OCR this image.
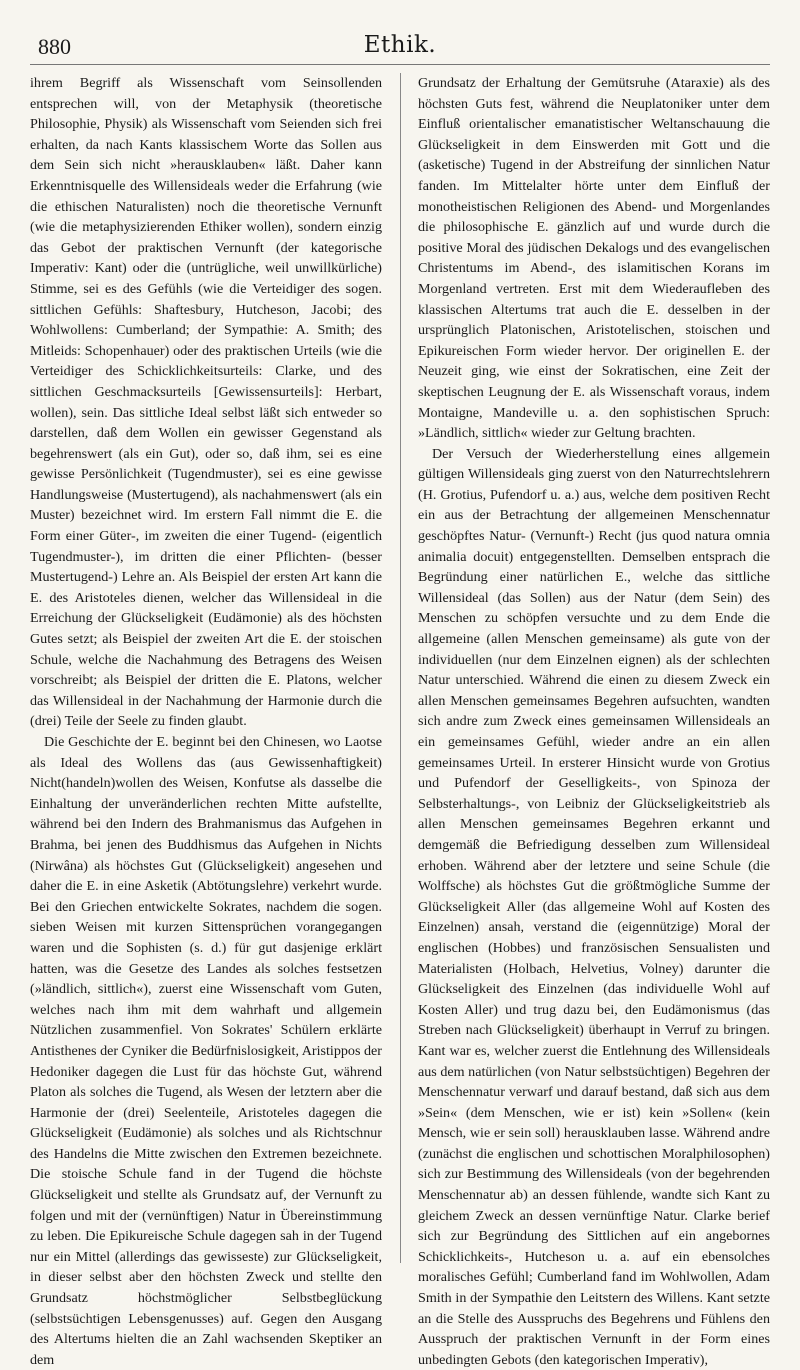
880	Ethik.

ihrem Begriff als Wissenschaft vom Seinsollenden entsprechen will, von der Metaphysik (theoretische Philosophie, Physik) als Wissenschaft vom Seienden sich frei erhalten, da nach Kants klassischem Worte das Sollen aus dem Sein sich nicht »herausklauben« läßt. Daher kann Erkenntnisquelle des Willensideals weder die Erfahrung (wie die ethischen Naturalisten) noch die theoretische Vernunft (wie die metaphysizierenden Ethiker wollen), sondern einzig das Gebot der praktischen Vernunft (der kategorische Imperativ: Kant) oder die (untrügliche, weil unwillkürliche) Stimme, sei es des Gefühls (wie die Verteidiger des sogen. sittlichen Gefühls: Shaftesbury, Hutcheson, Jacobi; des Wohlwollens: Cumberland; der Sympathie: A. Smith; des Mitleids: Schopenhauer) oder des praktischen Urteils (wie die Verteidiger des Schicklichkeitsurteils: Clarke, und des sittlichen Geschmacksurteils [Gewissensurteils]: Herbart, wollen), sein. Das sittliche Ideal selbst läßt sich entweder so darstellen, daß dem Wollen ein gewisser Gegenstand als begehrenswert (als ein Gut), oder so, daß ihm, sei es eine gewisse Persönlichkeit (Tugendmuster), sei es eine gewisse Handlungsweise (Mustertugend), als nachahmenswert (als ein Muster) bezeichnet wird. Im erstern Fall nimmt die E. die Form einer Güter-, im zweiten die einer Tugend- (eigentlich Tugendmuster-), im dritten die einer Pflichten- (besser Mustertugend-) Lehre an. Als Beispiel der ersten Art kann die E. des Aristoteles dienen, welcher das Willensideal in die Erreichung der Glückseligkeit (Eudämonie) als des höchsten Gutes setzt; als Beispiel der zweiten Art die E. der stoischen Schule, welche die Nachahmung des Betragens des Weisen vorschreibt; als Beispiel der dritten die E. Platons, welcher das Willensideal in der Nachahmung der Harmonie durch die (drei) Teile der Seele zu finden glaubt.

Die Geschichte der E. beginnt bei den Chinesen, wo Laotse als Ideal des Wollens das (aus Gewissenhaftigkeit) Nicht(handeln)wollen des Weisen, Konfutse als dasselbe die Einhaltung der unveränderlichen rechten Mitte aufstellte, während bei den Indern des Brahmanismus das Aufgehen in Brahma, bei jenen des Buddhismus das Aufgehen in Nichts (Nirwâna) als höchstes Gut (Glückseligkeit) angesehen und daher die E. in eine Asketik (Abtötungslehre) verkehrt wurde. Bei den Griechen entwickelte Sokrates, nachdem die sogen. sieben Weisen mit kurzen Sittensprüchen vorangegangen waren und die Sophisten (s. d.) für gut dasjenige erklärt hatten, was die Gesetze des Landes als solches festsetzen (»ländlich, sittlich«), zuerst eine Wissenschaft vom Guten, welches nach ihm mit dem wahrhaft und allgemein Nützlichen zusammenfiel. Von Sokrates' Schülern erklärte Antisthenes der Cyniker die Bedürfnislosigkeit, Aristippos der Hedoniker dagegen die Lust für das höchste Gut, während Platon als solches die Tugend, als Wesen der letztern aber die Harmonie der (drei) Seelenteile, Aristoteles dagegen die Glückseligkeit (Eudämonie) als solches und als Richtschnur des Handelns die Mitte zwischen den Extremen bezeichnete. Die stoische Schule fand in der Tugend die höchste Glückseligkeit und stellte als Grundsatz auf, der Vernunft zu folgen und mit der (vernünftigen) Natur in Übereinstimmung zu leben. Die Epikureische Schule dagegen sah in der Tugend nur ein Mittel (allerdings das gewisseste) zur Glückseligkeit, in dieser selbst aber den höchsten Zweck und stellte den Grundsatz höchstmöglicher Selbstbeglückung (selbstsüchtigen Lebensgenusses) auf. Gegen den Ausgang des Altertums hielten die an Zahl wachsenden Skeptiker an dem

Grundsatz der Erhaltung der Gemütsruhe (Ataraxie) als des höchsten Guts fest, während die Neuplatoniker unter dem Einfluß orientalischer emanatistischer Weltanschauung die Glückseligkeit in dem Einswerden mit Gott und die (asketische) Tugend in der Abstreifung der sinnlichen Natur fanden. Im Mittelalter hörte unter dem Einfluß der monotheistischen Religionen des Abend- und Morgenlandes die philosophische E. gänzlich auf und wurde durch die positive Moral des jüdischen Dekalogs und des evangelischen Christentums im Abend-, des islamitischen Korans im Morgenland vertreten. Erst mit dem Wiederaufleben des klassischen Altertums trat auch die E. desselben in der ursprünglich Platonischen, Aristotelischen, stoischen und Epikureischen Form wieder hervor. Der originellen E. der Neuzeit ging, wie einst der Sokratischen, eine Zeit der skeptischen Leugnung der E. als Wissenschaft voraus, indem Montaigne, Mandeville u. a. den sophistischen Spruch: »Ländlich, sittlich« wieder zur Geltung brachten.

Der Versuch der Wiederherstellung eines allgemein gültigen Willensideals ging zuerst von den Naturrechtslehrern (H. Grotius, Pufendorf u. a.) aus, welche dem positiven Recht ein aus der Betrachtung der allgemeinen Menschennatur geschöpftes Natur- (Vernunft-) Recht (jus quod natura omnia animalia docuit) entgegenstellten. Demselben entsprach die Begründung einer natürlichen E., welche das sittliche Willensideal (das Sollen) aus der Natur (dem Sein) des Menschen zu schöpfen versuchte und zu dem Ende die allgemeine (allen Menschen gemeinsame) als gute von der individuellen (nur dem Einzelnen eignen) als der schlechten Natur unterschied. Während die einen zu diesem Zweck ein allen Menschen gemeinsames Begehren aufsuchten, wandten sich andre zum Zweck eines gemeinsamen Willensideals an ein gemeinsames Gefühl, wieder andre an ein allen gemeinsames Urteil. In ersterer Hinsicht wurde von Grotius und Pufendorf der Geselligkeits-, von Spinoza der Selbsterhaltungs-, von Leibniz der Glückseligkeitstrieb als allen Menschen gemeinsames Begehren erkannt und demgemäß die Befriedigung desselben zum Willensideal erhoben. Während aber der letztere und seine Schule (die Wolffsche) als höchstes Gut die größtmögliche Summe der Glückseligkeit Aller (das allgemeine Wohl auf Kosten des Einzelnen) ansah, verstand die (eigennützige) Moral der englischen (Hobbes) und französischen Sensualisten und Materialisten (Holbach, Helvetius, Volney) darunter die Glückseligkeit des Einzelnen (das individuelle Wohl auf Kosten Aller) und trug dazu bei, den Eudämonismus (das Streben nach Glückseligkeit) überhaupt in Verruf zu bringen. Kant war es, welcher zuerst die Entlehnung des Willensideals aus dem natürlichen (von Natur selbstsüchtigen) Begehren der Menschennatur verwarf und darauf bestand, daß sich aus dem »Sein« (dem Menschen, wie er ist) kein »Sollen« (kein Mensch, wie er sein soll) herausklauben lasse. Während andre (zunächst die englischen und schottischen Moralphilosophen) sich zur Bestimmung des Willensideals (von der begehrenden Menschennatur ab) an dessen fühlende, wandte sich Kant zu gleichem Zweck an dessen vernünftige Natur. Clarke berief sich zur Begründung des Sittlichen auf ein angebornes Schicklichkeits-, Hutcheson u. a. auf ein ebensolches moralisches Gefühl; Cumberland fand im Wohlwollen, Adam Smith in der Sympathie den Leitstern des Willens. Kant setzte an die Stelle des Ausspruchs des Begehrens und Fühlens den Ausspruch der praktischen Vernunft in der Form eines unbedingten Gebots (den kategorischen Imperativ),
